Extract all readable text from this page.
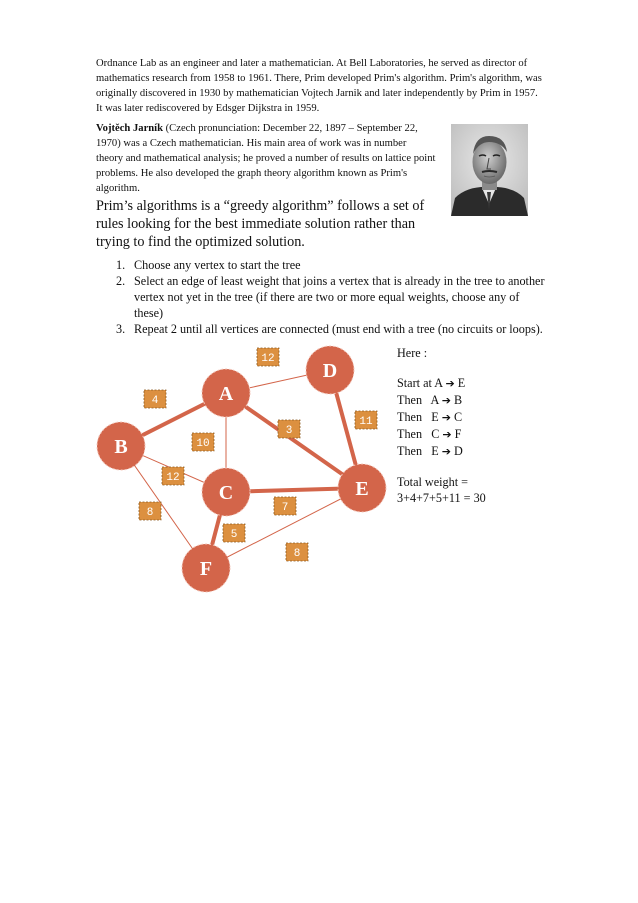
Ordnance Lab as an engineer and later a mathematician. At Bell Laboratories, he served as director of mathematics research from 1958 to 1961. There, Prim developed Prim's algorithm. Prim's algorithm, was originally discovered in 1930 by mathematician Vojtech Jarnik and later independently by Prim in 1957. It was later rediscovered by Edsger Dijkstra in 1959.

Vojtěch Jarník (Czech pronunciation: December 22, 1897 – September 22, 1970) was a Czech mathematician. His main area of work was in number theory and mathematical analysis; he proved a number of results on lattice point problems. He also developed the graph theory algorithm known as Prim's algorithm.

Prim’s algorithms is a “greedy algorithm” follows a set of rules looking for the best immediate solution rather than trying to find the optimized solution.

1. Choose any vertex to start the tree
2. Select an edge of least weight that joins a vertex that is already in the tree to another vertex not yet in the tree (if there are two or more equal weights, choose any of these)
3. Repeat 2 until all vertices are connected (must end with a tree (no circuits or loops).
12
4
3
10
11
12
8	7
5
8
A
B
C
D
E
F
Here :
Start at A ➔ E
Then A ➔ B
Then E ➔ C
Then C ➔ F
Then E ➔ D
Total weight =
3+4+7+5+11 = 30
